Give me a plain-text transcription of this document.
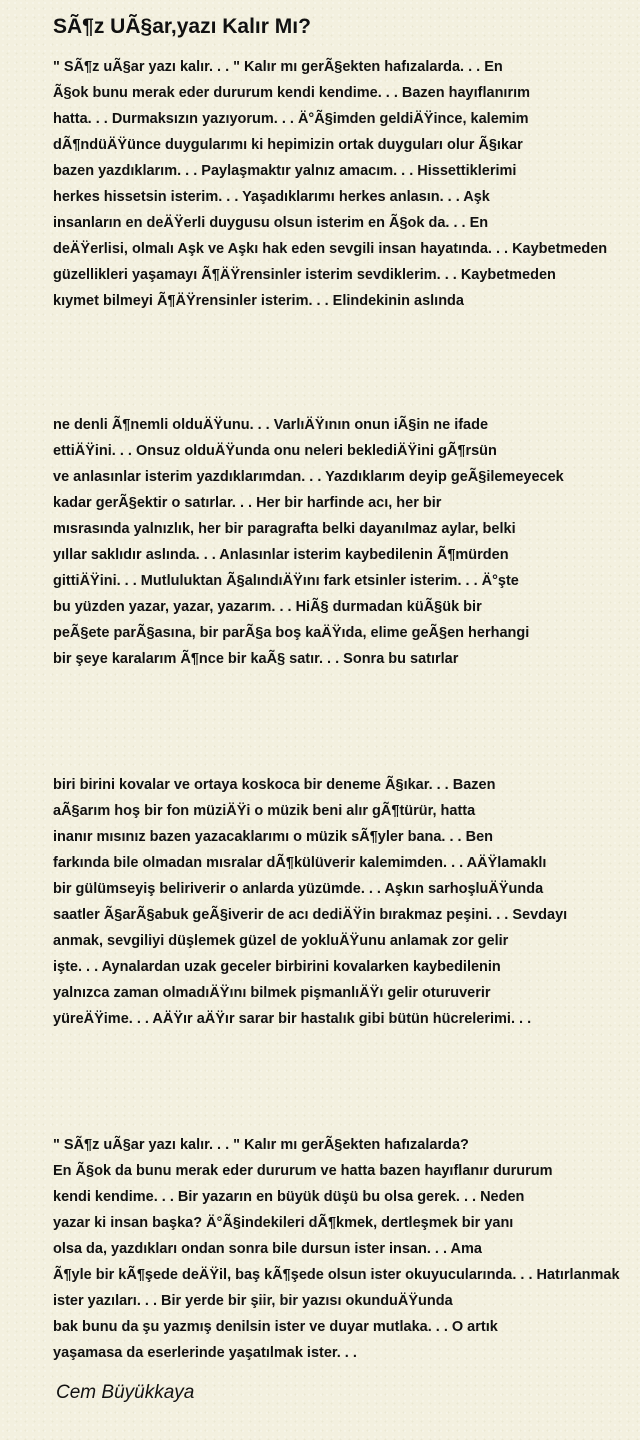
SÃ¶z UÃ§ar,yazı Kalır Mı?
" SÃ¶z uÃ§ar yazı kalır. . . " Kalır mı gerÃ§ekten hafızalarda. . . En
Ã§ok bunu merak eder dururum kendi kendime. . . Bazen hayıflanırım
hatta. . . Durmaksızın yazıyorum. . . Ä°Ã§imden geldiÄŸince, kalemim
dÃ¶ndüÄŸünce duygularımı ki hepimizin ortak duyguları olur Ã§ıkar
bazen yazdıklarım. . . Paylaşmaktır yalnız amacım. . . Hissettiklerimi
herkes hissetsin isterim. . . Yaşadıklarımı herkes anlasın. . . Aşk
insanların en deÄŸerli duygusu olsun isterim en Ã§ok da. . . En
deÄŸerlisi, olmalı Aşk ve Aşkı hak eden sevgili insan hayatında. . . Kaybetmeden
güzellikleri yaşamayı Ã¶ÄŸrensinler isterim sevdiklerim. . . Kaybetmeden
kıymet bilmeyi Ã¶ÄŸrensinler isterim. . . Elindekinin aslında
ne denli Ã¶nemli olduÄŸunu. . . VarlıÄŸının onun iÃ§in ne ifade
ettiÄŸini. . . Onsuz olduÄŸunda onu neleri beklediÄŸini gÃ¶rsün
ve anlasınlar isterim yazdıklarımdan. . . Yazdıklarım deyip geÃ§ilemeyecek
kadar gerÃ§ektir o satırlar. . . Her bir harfinde acı, her bir
mısrasında yalnızlık, her bir paragrafta belki dayanılmaz aylar, belki
yıllar saklıdır aslında. . . Anlasınlar isterim kaybedilenin Ã¶mürden
gittiÄŸini. . . Mutluluktan Ã§alındıÄŸını fark etsinler isterim. . . Ä°şte
bu yüzden yazar, yazar, yazarım. . . HiÃ§ durmadan küÃ§ük bir
peÃ§ete parÃ§asına, bir parÃ§a boş kaÄŸıda, elime geÃ§en herhangi
bir şeye karalarım Ã¶nce bir kaÃ§ satır. . . Sonra bu satırlar
biri birini kovalar ve ortaya koskoca bir deneme Ã§ıkar. . . Bazen
aÃ§arım hoş bir fon müziÄŸi o müzik beni alır gÃ¶türür, hatta
inanır mısınız bazen yazacaklarımı o müzik sÃ¶yler bana. . . Ben
farkında bile olmadan mısralar dÃ¶külüverir kalemimden. . . AÄŸlamaklı
bir gülümseyiş beliriverir o anlarda yüzümde. . . Aşkın sarhoşluÄŸunda
saatler Ã§arÃ§abuk geÃ§iverir de acı dediÄŸin bırakmaz peşini. . . Sevdayı
anmak, sevgiliyi düşlemek güzel de yokluÄŸunu anlamak zor gelir
işte. . . Aynalardan uzak geceler birbirini kovalarken kaybedilenin
yalnızca zaman olmadıÄŸını bilmek pişmanlıÄŸı gelir oturuverir
yüreÄŸime. . . AÄŸır aÄŸır sarar bir hastalık gibi bütün hücrelerimi. . .
" SÃ¶z uÃ§ar yazı kalır. . . " Kalır mı gerÃ§ekten hafızalarda?
En Ã§ok da bunu merak eder dururum ve hatta bazen hayıflanır dururum
kendi kendime. . . Bir yazarın en büyük düşü bu olsa gerek. . . Neden
yazar ki insan başka? Ä°Ã§indekileri dÃ¶kmek, dertleşmek bir yanı
olsa da, yazdıkları ondan sonra bile dursun ister insan. . . Ama
Ã¶yle bir kÃ¶şede deÄŸil, baş kÃ¶şede olsun ister okuyucularında. . . Hatırlanmak
ister yazıları. . . Bir yerde bir şiir, bir yazısı okunduÄŸunda
bak bunu da şu yazmış denilsin ister ve duyar mutlaka. . . O artık
yaşamasa da eserlerinde yaşatılmak ister. . .

Cem Büyükkaya
